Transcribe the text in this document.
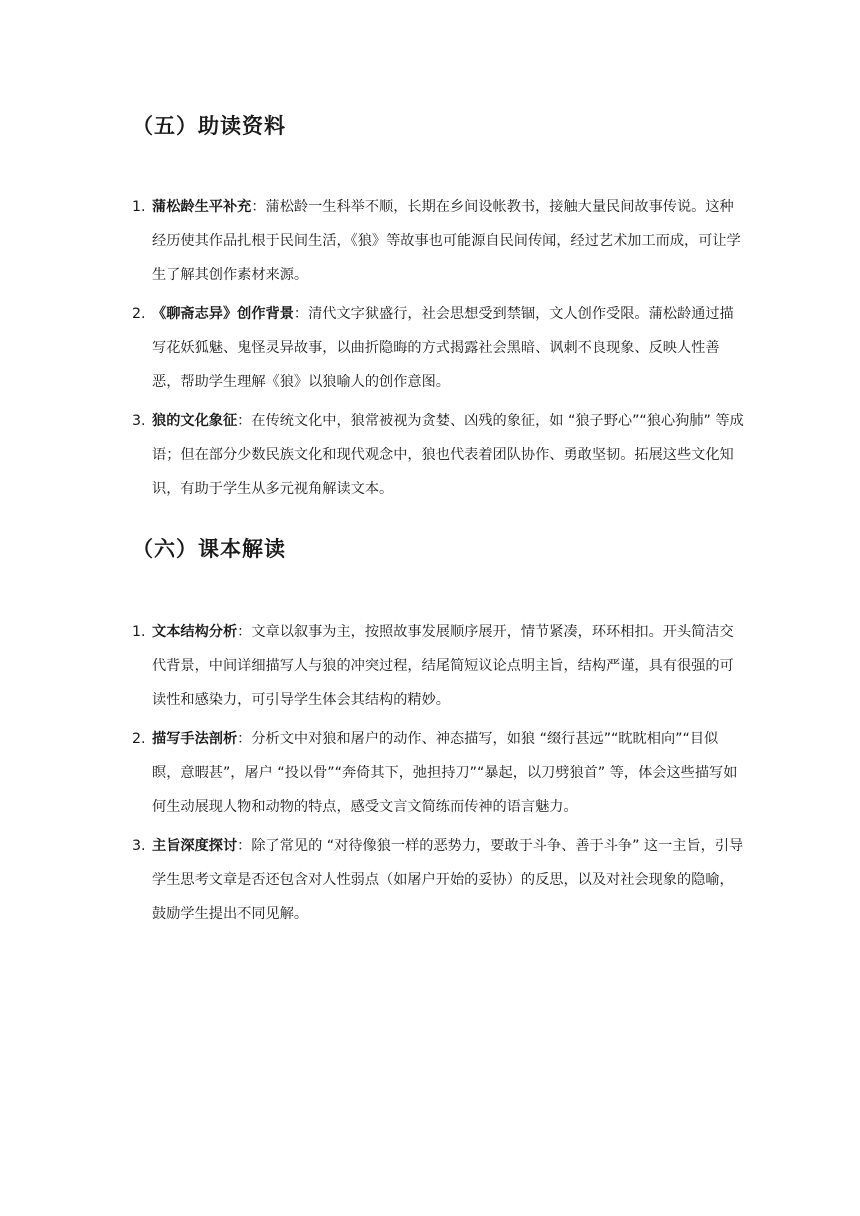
（五）助读资料
1. 蒲松龄生平补充：蒲松龄一生科举不顺，长期在乡间设帐教书，接触大量民间故事传说。这种经历使其作品扎根于民间生活，《狼》等故事也可能源自民间传闻，经过艺术加工而成，可让学生了解其创作素材来源。
2. 《聊斋志异》创作背景：清代文字狱盛行，社会思想受到禁锢，文人创作受限。蒲松龄通过描写花妖狐魅、鬼怪灵异故事，以曲折隐晦的方式揭露社会黑暗、讽刺不良现象、反映人性善恶，帮助学生理解《狼》以狼喻人的创作意图。
3. 狼的文化象征：在传统文化中，狼常被视为贪婪、凶残的象征，如 “狼子野心”“狼心狗肺” 等成语；但在部分少数民族文化和现代观念中，狼也代表着团队协作、勇敢坚韧。拓展这些文化知识，有助于学生从多元视角解读文本。
（六）课本解读
1. 文本结构分析：文章以叙事为主，按照故事发展顺序展开，情节紧凑，环环相扣。开头简洁交代背景，中间详细描写人与狼的冲突过程，结尾简短议论点明主旨，结构严谨，具有很强的可读性和感染力，可引导学生体会其结构的精妙。
2. 描写手法剖析：分析文中对狼和屠户的动作、神态描写，如狼 “缀行甚远”“眈眈相向”“目似瞑，意暇甚”，屠户 “投以骨”“奔倚其下，弛担持刀”“暴起，以刀劈狼首” 等，体会这些描写如何生动展现人物和动物的特点，感受文言文简练而传神的语言魅力。
3. 主旨深度探讨：除了常见的 “对待像狼一样的恶势力，要敢于斗争、善于斗争” 这一主旨，引导学生思考文章是否还包含对人性弱点（如屠户开始的妥协）的反思，以及对社会现象的隐喻，鼓励学生提出不同见解。
